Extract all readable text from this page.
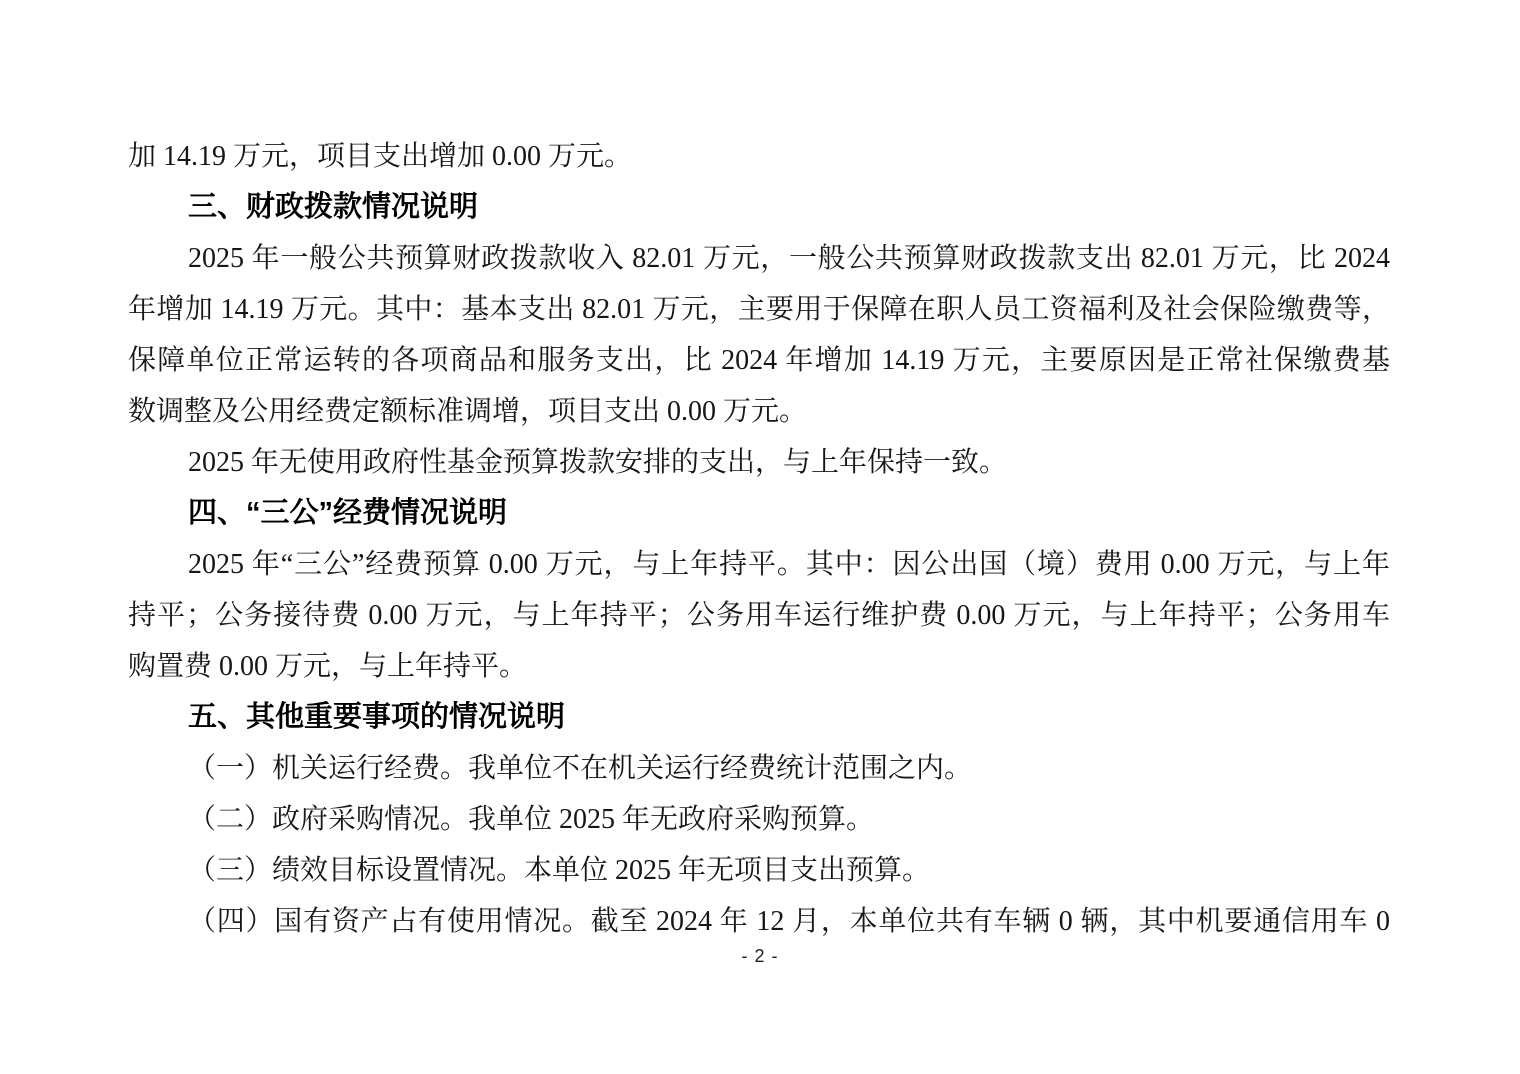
加 14.19 万元，项目支出增加 0.00 万元。
三、财政拨款情况说明
2025 年一般公共预算财政拨款收入 82.01 万元，一般公共预算财政拨款支出 82.01 万元，比 2024
年增加 14.19 万元。其中：基本支出 82.01 万元，主要用于保障在职人员工资福利及社会保险缴费等，
保障单位正常运转的各项商品和服务支出，比 2024 年增加 14.19 万元，主要原因是正常社保缴费基
数调整及公用经费定额标准调增，项目支出 0.00 万元。
2025 年无使用政府性基金预算拨款安排的支出，与上年保持一致。
四、“三公”经费情况说明
2025 年“三公”经费预算 0.00 万元，与上年持平。其中：因公出国（境）费用 0.00 万元，与上年
持平；公务接待费 0.00 万元，与上年持平；公务用车运行维护费 0.00 万元，与上年持平；公务用车
购置费 0.00 万元，与上年持平。
五、其他重要事项的情况说明
（一）机关运行经费。我单位不在机关运行经费统计范围之内。
（二）政府采购情况。我单位 2025 年无政府采购预算。
（三）绩效目标设置情况。本单位 2025 年无项目支出预算。
（四）国有资产占有使用情况。截至 2024 年 12 月，本单位共有车辆 0 辆，其中机要通信用车 0
- 2 -
